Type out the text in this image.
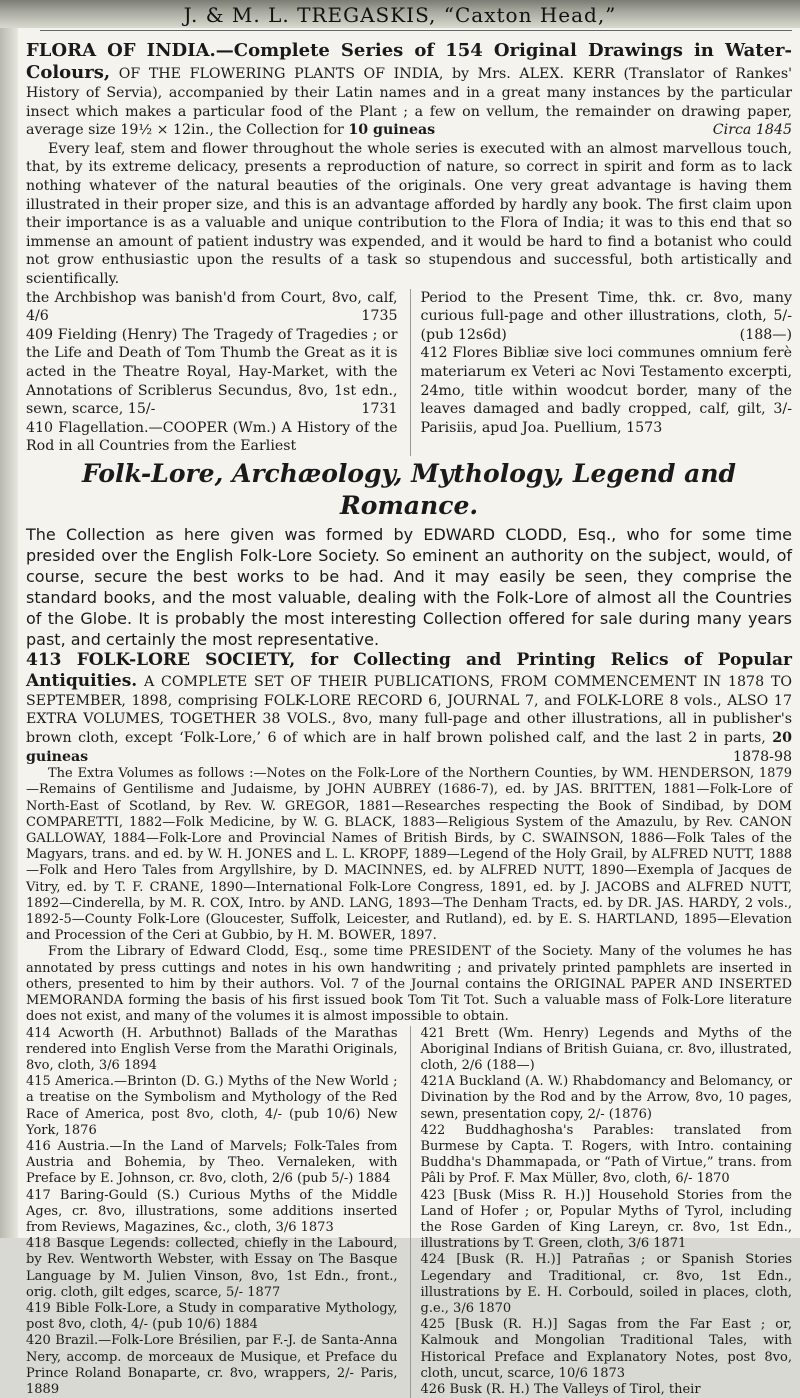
J. & M. L. TREGASKIS, “Caxton Head,”

FLORA OF INDIA.—Complete Series of 154 Original Drawings in Water-Colours, OF THE FLOWERING PLANTS OF INDIA, by Mrs. ALEX. KERR (Translator of Rankes' History of Servia), accompanied by their Latin names and in a great many instances by the particular insect which makes a particular food of the Plant ; a few on vellum, the remainder on drawing paper, average size 19½ × 12in., the Collection for 10 guineas	Circa 1845

Every leaf, stem and flower throughout the whole series is executed with an almost marvellous touch, that, by its extreme delicacy, presents a reproduction of nature, so correct in spirit and form as to lack nothing whatever of the natural beauties of the originals. One very great advantage is having them illustrated in their proper size, and this is an advantage afforded by hardly any book. The first claim upon their importance is as a valuable and unique contribution to the Flora of India; it was to this end that so immense an amount of patient industry was expended, and it would be hard to find a botanist who could not grow enthusiastic upon the results of a task so stupendous and successful, both artistically and scientifically.

the Archbishop was banish'd from Court, 8vo, calf, 4/6	1735

409 Fielding (Henry) The Tragedy of Tragedies ; or the Life and Death of Tom Thumb the Great as it is acted in the Theatre Royal, Hay-Market, with the Annotations of Scriblerus Secundus, 8vo, 1st edn., sewn, scarce, 15/-	1731

410 Flagellation.—COOPER (Wm.) A History of the Rod in all Countries from the Earliest

Period to the Present Time, thk. cr. 8vo, many curious full-page and other illustrations, cloth, 5/- (pub 12s6d)	(188—)

412 Flores Bibliæ sive loci communes omnium ferè materiarum ex Veteri ac Novi Testamento excerpti, 24mo, title within woodcut border, many of the leaves damaged and badly cropped, calf, gilt, 3/- Parisiis, apud Joa. Puellium, 1573

Folk-Lore, Archæology, Mythology, Legend and Romance.

The Collection as here given was formed by EDWARD CLODD, Esq., who for some time presided over the English Folk-Lore Society. So eminent an authority on the subject, would, of course, secure the best works to be had. And it may easily be seen, they comprise the standard books, and the most valuable, dealing with the Folk-Lore of almost all the Countries of the Globe. It is probably the most interesting Collection offered for sale during many years past, and certainly the most representative.

413 FOLK-LORE SOCIETY, for Collecting and Printing Relics of Popular Antiquities. A COMPLETE SET OF THEIR PUBLICATIONS, FROM COMMENCEMENT IN 1878 TO SEPTEMBER, 1898, comprising FOLK-LORE RECORD 6, JOURNAL 7, and FOLK-LORE 8 vols., ALSO 17 EXTRA VOLUMES, TOGETHER 38 VOLS., 8vo, many full-page and other illustrations, all in publisher's brown cloth, except ‘Folk-Lore,’ 6 of which are in half brown polished calf, and the last 2 in parts, 20 guineas	1878-98

The Extra Volumes as follows :—Notes on the Folk-Lore of the Northern Counties, by WM. HENDERSON, 1879—Remains of Gentilisme and Judaisme, by JOHN AUBREY (1686-7), ed. by JAS. BRITTEN, 1881—Folk-Lore of North-East of Scotland, by Rev. W. GREGOR, 1881—Researches respecting the Book of Sindibad, by DOM COMPARETTI, 1882—Folk Medicine, by W. G. BLACK, 1883—Religious System of the Amazulu, by Rev. CANON GALLOWAY, 1884—Folk-Lore and Provincial Names of British Birds, by C. SWAINSON, 1886—Folk Tales of the Magyars, trans. and ed. by W. H. JONES and L. L. KROPF, 1889—Legend of the Holy Grail, by ALFRED NUTT, 1888—Folk and Hero Tales from Argyllshire, by D. MACINNES, ed. by ALFRED NUTT, 1890—Exempla of Jacques de Vitry, ed. by T. F. CRANE, 1890—International Folk-Lore Congress, 1891, ed. by J. JACOBS and ALFRED NUTT, 1892—Cinderella, by M. R. COX, Intro. by AND. LANG, 1893—The Denham Tracts, ed. by DR. JAS. HARDY, 2 vols., 1892-5—County Folk-Lore (Gloucester, Suffolk, Leicester, and Rutland), ed. by E. S. HARTLAND, 1895—Elevation and Procession of the Ceri at Gubbio, by H. M. BOWER, 1897.

From the Library of Edward Clodd, Esq., some time PRESIDENT of the Society. Many of the volumes he has annotated by press cuttings and notes in his own handwriting ; and privately printed pamphlets are inserted in others, presented to him by their authors. Vol. 7 of the Journal contains the ORIGINAL PAPER AND INSERTED MEMORANDA forming the basis of his first issued book Tom Tit Tot. Such a valuable mass of Folk-Lore literature does not exist, and many of the volumes it is almost impossible to obtain.

414 Acworth (H. Arbuthnot) Ballads of the Marathas rendered into English Verse from the Marathi Originals, 8vo, cloth, 3/6 1894

415 America.—Brinton (D. G.) Myths of the New World ; a treatise on the Symbolism and Mythology of the Red Race of America, post 8vo, cloth, 4/- (pub 10/6) New York, 1876

416 Austria.—In the Land of Marvels; Folk-Tales from Austria and Bohemia, by Theo. Vernaleken, with Preface by E. Johnson, cr. 8vo, cloth, 2/6 (pub 5/-) 1884

417 Baring-Gould (S.) Curious Myths of the Middle Ages, cr. 8vo, illustrations, some additions inserted from Reviews, Magazines, &c., cloth, 3/6 1873

418 Basque Legends: collected, chiefly in the Labourd, by Rev. Wentworth Webster, with Essay on The Basque Language by M. Julien Vinson, 8vo, 1st Edn., front., orig. cloth, gilt edges, scarce, 5/- 1877

419 Bible Folk-Lore, a Study in comparative Mythology, post 8vo, cloth, 4/- (pub 10/6) 1884

420 Brazil.—Folk-Lore Brésilien, par F.-J. de Santa-Anna Nery, accomp. de morceaux de Musique, et Preface du Prince Roland Bonaparte, cr. 8vo, wrappers, 2/- Paris, 1889

421 Brett (Wm. Henry) Legends and Myths of the Aboriginal Indians of British Guiana, cr. 8vo, illustrated, cloth, 2/6 (188—)

421A Buckland (A. W.) Rhabdomancy and Belomancy, or Divination by the Rod and by the Arrow, 8vo, 10 pages, sewn, presentation copy, 2/- (1876)

422 Buddhaghosha's Parables: translated from Burmese by Capta. T. Rogers, with Intro. containing Buddha's Dhammapada, or “Path of Virtue,” trans. from Pâli by Prof. F. Max Müller, 8vo, cloth, 6/- 1870

423 [Busk (Miss R. H.)] Household Stories from the Land of Hofer ; or, Popular Myths of Tyrol, including the Rose Garden of King Lareyn, cr. 8vo, 1st Edn., illustrations by T. Green, cloth, 3/6 1871

424 [Busk (R. H.)] Patrañas ; or Spanish Stories Legendary and Traditional, cr. 8vo, 1st Edn., illustrations by E. H. Corbould, soiled in places, cloth, g.e., 3/6 1870

425 [Busk (R. H.)] Sagas from the Far East ; or, Kalmouk and Mongolian Traditional Tales, with Historical Preface and Explanatory Notes, post 8vo, cloth, uncut, scarce, 10/6 1873

426 Busk (R. H.) The Valleys of Tirol, their
